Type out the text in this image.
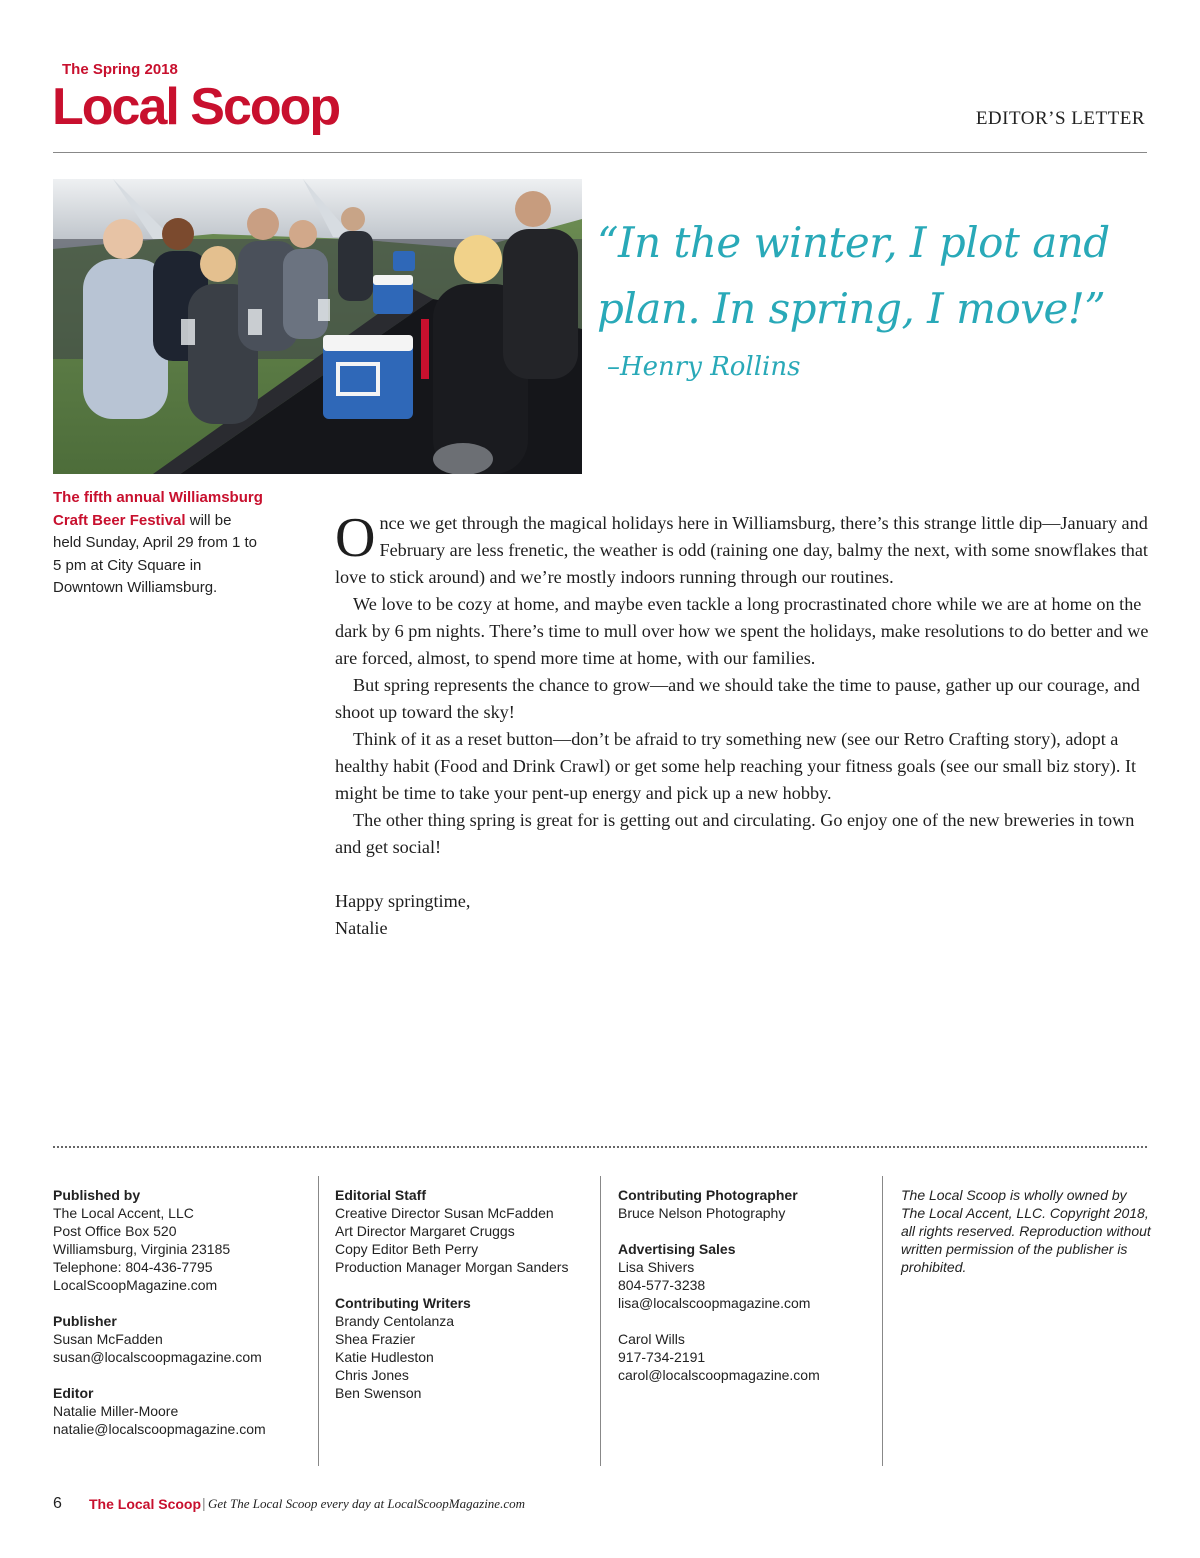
The Spring 2018
Local Scoop	EDITOR’S LETTER
“In the winter, I plot and plan. In spring, I move!”
–Henry Rollins
The fifth annual Williamsburg Craft Beer Festival will be held Sunday, April 29 from 1 to 5 pm at City Square in Downtown Williamsburg.

Once we get through the magical holidays here in Williamsburg, there’s this strange little dip—January and February are less frenetic, the weather is odd (raining one day, balmy the next, with some snowflakes that love to stick around) and we’re mostly indoors running through our routines.

We love to be cozy at home, and maybe even tackle a long procrastinated chore while we are at home on the dark by 6 pm nights. There’s time to mull over how we spent the holidays, make resolutions to do better and we are forced, almost, to spend more time at home, with our families.

But spring represents the chance to grow—and we should take the time to pause, gather up our courage, and shoot up toward the sky!

Think of it as a reset button—don’t be afraid to try something new (see our Retro Crafting story), adopt a healthy habit (Food and Drink Crawl) or get some help reaching your fitness goals (see our small biz story). It might be time to take your pent-up energy and pick up a new hobby.

The other thing spring is great for is getting out and circulating. Go enjoy one of the new breweries in town and get social!

Happy springtime,

Natalie

Published by
The Local Accent, LLC
Post Office Box 520
Williamsburg, Virginia 23185
Telephone: 804-436-7795
LocalScoopMagazine.com
Publisher
Susan McFadden
susan@localscoopmagazine.com
Editor
Natalie Miller-Moore
natalie@localscoopmagazine.com
Editorial Staff
Creative Director Susan McFadden
Art Director Margaret Cruggs
Copy Editor Beth Perry
Production Manager Morgan Sanders
Contributing Writers
Brandy Centolanza
Shea Frazier
Katie Hudleston
Chris Jones
Ben Swenson
Contributing Photographer
Bruce Nelson Photography
Advertising Sales
Lisa Shivers
804-577-3238
lisa@localscoopmagazine.com
Carol Wills
917-734-2191
carol@localscoopmagazine.com
The Local Scoop is wholly owned by The Local Accent, LLC. Copyright 2018, all rights reserved. Reproduction without written permission of the publisher is prohibited.
6 The Local Scoop | Get The Local Scoop every day at LocalScoopMagazine.com
